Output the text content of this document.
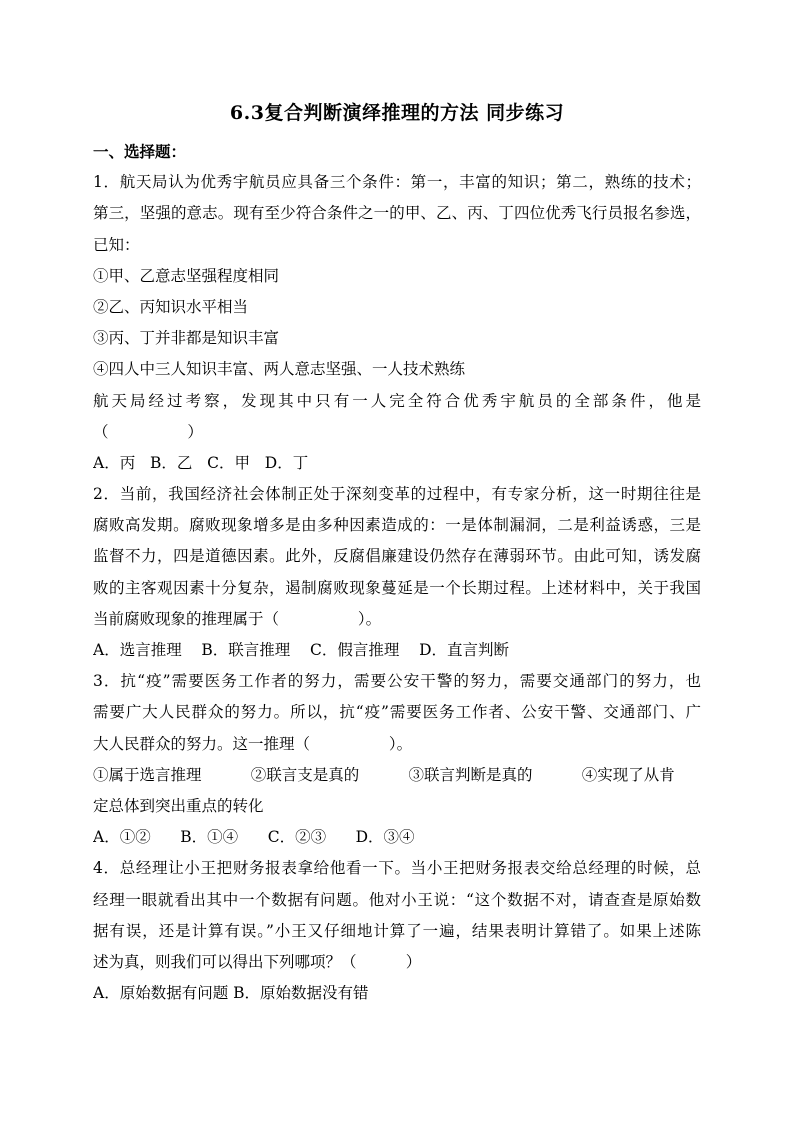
6.3复合判断演绎推理的方法 同步练习
一、选择题：
1．航天局认为优秀宇航员应具备三个条件：第一，丰富的知识；第二，熟练的技术；
第三，坚强的意志。现有至少符合条件之一的甲、乙、丙、丁四位优秀飞行员报名参选，
已知：
①甲、乙意志坚强程度相同
②乙、丙知识水平相当
③丙、丁并非都是知识丰富
④四人中三人知识丰富、两人意志坚强、一人技术熟练
航天局经过考察，发现其中只有一人完全符合优秀宇航员的全部条件，他是
（                ）
A．丙   B．乙   C．甲   D．丁
2．当前，我国经济社会体制正处于深刻变革的过程中，有专家分析，这一时期往往是
腐败高发期。腐败现象增多是由多种因素造成的：一是体制漏洞，二是利益诱惑，三是
监督不力，四是道德因素。此外，反腐倡廉建设仍然存在薄弱环节。由此可知，诱发腐
败的主客观因素十分复杂，遏制腐败现象蔓延是一个长期过程。上述材料中，关于我国
当前腐败现象的推理属于（                ）。
A．选言推理    B．联言推理    C．假言推理    D．直言判断
3．抗“疫”需要医务工作者的努力，需要公安干警的努力，需要交通部门的努力，也
需要广大人民群众的努力。所以，抗“疫”需要医务工作者、公安干警、交通部门、广
大人民群众的努力。这一推理（                ）。
①属于选言推理          ②联言支是真的          ③联言判断是真的          ④实现了从肯
定总体到突出重点的转化
A．①②      B．①④      C．②③      D．③④
4．总经理让小王把财务报表拿给他看一下。当小王把财务报表交给总经理的时候，总
经理一眼就看出其中一个数据有问题。他对小王说：“这个数据不对，请查查是原始数
据有误，还是计算有误。”小王又仔细地计算了一遍，结果表明计算错了。如果上述陈
述为真，则我们可以得出下列哪项？（          ）
A．原始数据有问题 B．原始数据没有错
